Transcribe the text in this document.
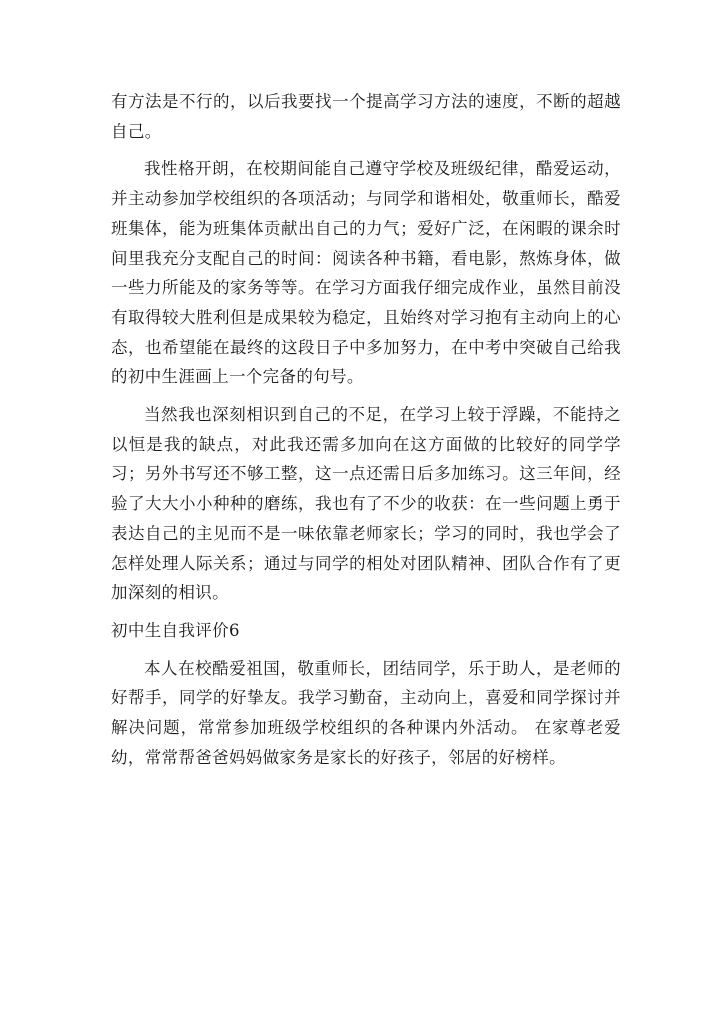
有方法是不行的，以后我要找一个提高学习方法的速度，不断的超越自己。

我性格开朗，在校期间能自己遵守学校及班级纪律，酷爱运动，并主动参加学校组织的各项活动；与同学和谐相处，敬重师长，酷爱班集体，能为班集体贡献出自己的力气；爱好广泛，在闲暇的课余时间里我充分支配自己的时间：阅读各种书籍，看电影，熬炼身体，做一些力所能及的家务等等。在学习方面我仔细完成作业，虽然目前没有取得较大胜利但是成果较为稳定，且始终对学习抱有主动向上的心态，也希望能在最终的这段日子中多加努力，在中考中突破自己给我的初中生涯画上一个完备的句号。

当然我也深刻相识到自己的不足，在学习上较于浮躁，不能持之以恒是我的缺点，对此我还需多加向在这方面做的比较好的同学学习；另外书写还不够工整，这一点还需日后多加练习。这三年间，经验了大大小小种种的磨练，我也有了不少的收获：在一些问题上勇于表达自己的主见而不是一味依靠老师家长；学习的同时，我也学会了怎样处理人际关系；通过与同学的相处对团队精神、团队合作有了更加深刻的相识。

初中生自我评价6

本人在校酷爱祖国，敬重师长，团结同学，乐于助人，是老师的好帮手，同学的好挚友。我学习勤奋，主动向上，喜爱和同学探讨并解决问题，常常参加班级学校组织的各种课内外活动。 在家尊老爱幼，常常帮爸爸妈妈做家务是家长的好孩子，邻居的好榜样。
